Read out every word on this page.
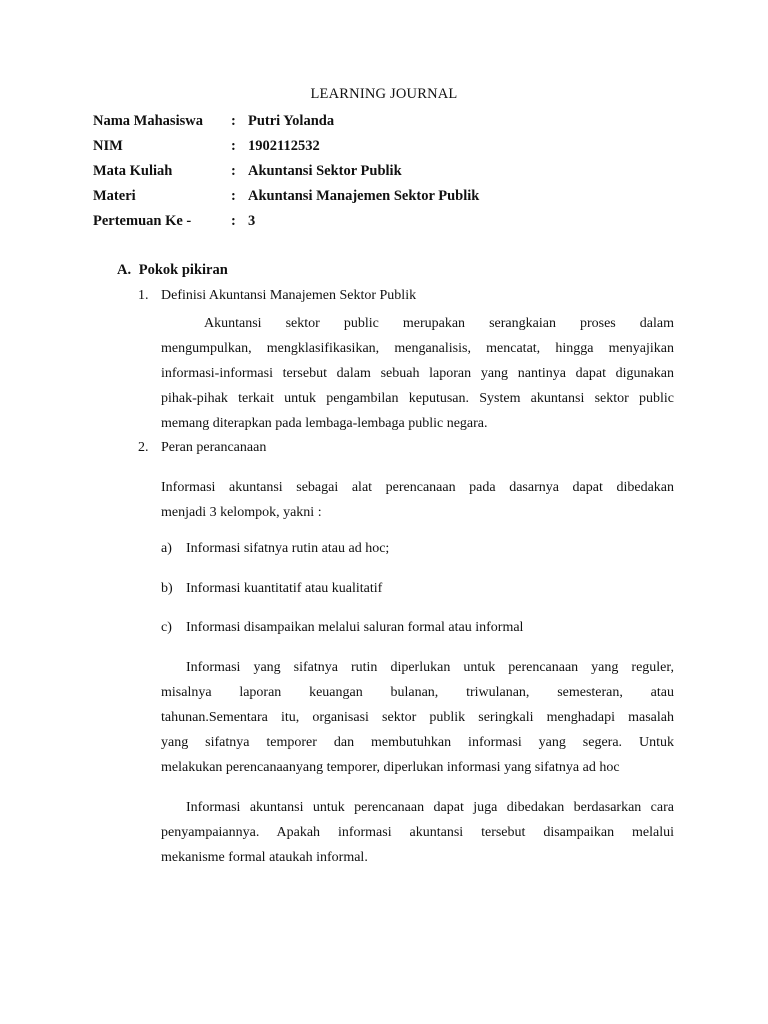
LEARNING JOURNAL
Nama Mahasiswa : Putri Yolanda
NIM	: 1902112532
Mata Kuliah	: Akuntansi Sektor Publik
Materi	: Akuntansi Manajemen Sektor Publik
Pertemuan Ke -	: 3
A. Pokok pikiran
1. Definisi Akuntansi Manajemen Sektor Publik
Akuntansi sektor public merupakan serangkaian proses dalam
mengumpulkan, mengklasifikasikan, menganalisis, mencatat, hingga menyajikan
informasi-informasi tersebut dalam sebuah laporan yang nantinya dapat digunakan
pihak-pihak terkait untuk pengambilan keputusan. System akuntansi sektor public
memang diterapkan pada lembaga-lembaga public negara.
2. Peran perancanaan
Informasi akuntansi sebagai alat perencanaan pada dasarnya dapat dibedakan
menjadi 3 kelompok, yakni :
a) Informasi sifatnya rutin atau ad hoc;
b) Informasi kuantitatif atau kualitatif
c) Informasi disampaikan melalui saluran formal atau informal
Informasi yang sifatnya rutin diperlukan untuk perencanaan yang reguler,
misalnya laporan keuangan bulanan, triwulanan, semesteran, atau
tahunan.Sementara itu, organisasi sektor publik seringkali menghadapi masalah
yang sifatnya temporer dan membutuhkan informasi yang segera. Untuk
melakukan perencanaanyang temporer, diperlukan informasi yang sifatnya ad hoc
Informasi akuntansi untuk perencanaan dapat juga dibedakan berdasarkan cara
penyampaiannya. Apakah informasi akuntansi tersebut disampaikan melalui
mekanisme formal ataukah informal.
